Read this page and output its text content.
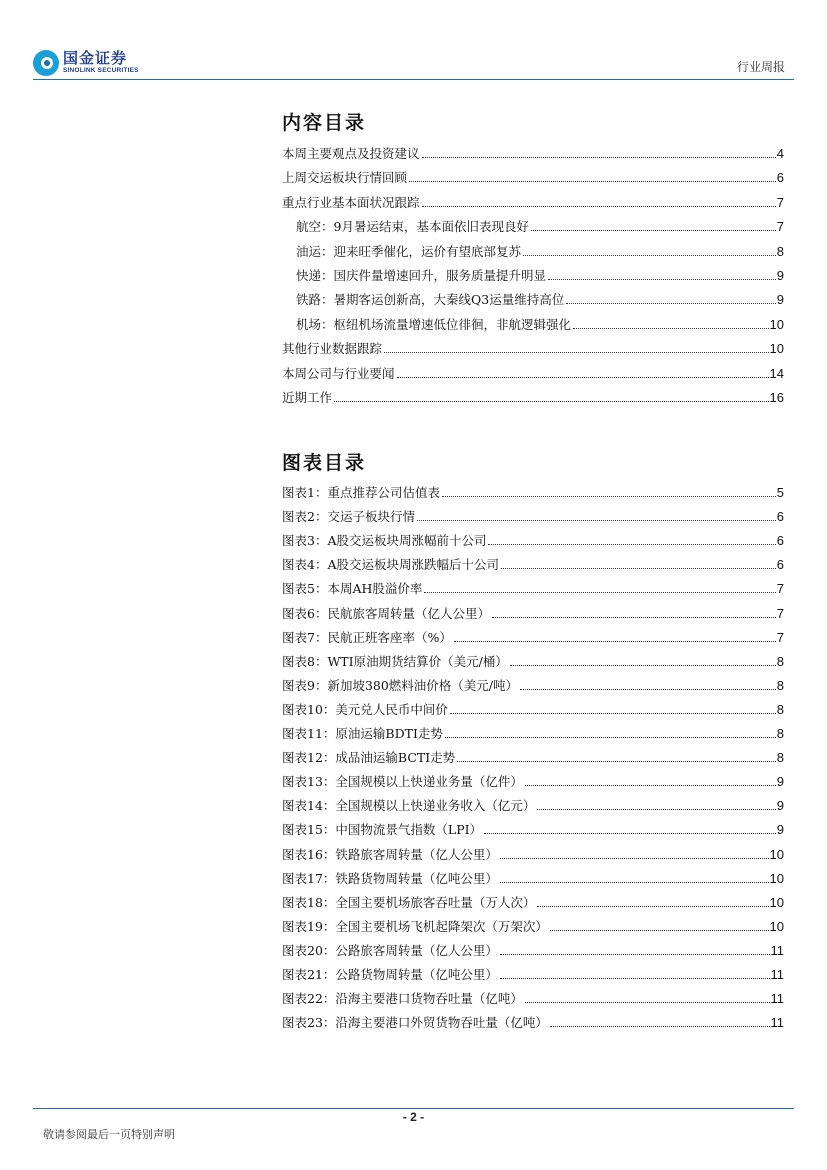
国金证券
SINOLINK SECURITIES	行业周报
内容目录
本周主要观点及投资建议	4
上周交运板块行情回顾	6
重点行业基本面状况跟踪	7
航空：9月暑运结束，基本面依旧表现良好	7
油运：迎来旺季催化，运价有望底部复苏	8
快递：国庆件量增速回升，服务质量提升明显	9
铁路：暑期客运创新高，大秦线Q3运量维持高位	9
机场：枢纽机场流量增速低位徘徊，非航逻辑强化	10
其他行业数据跟踪	10
本周公司与行业要闻	14
近期工作	16
图表目录
图表1：重点推荐公司估值表	5
图表2：交运子板块行情	6
图表3：A股交运板块周涨幅前十公司	6
图表4：A股交运板块周涨跌幅后十公司	6
图表5：本周AH股溢价率	7
图表6：民航旅客周转量（亿人公里）	7
图表7：民航正班客座率（%）	7
图表8：WTI原油期货结算价（美元/桶）	8
图表9：新加坡380燃料油价格（美元/吨）	8
图表10：美元兑人民币中间价	8
图表11：原油运输BDTI走势	8
图表12：成品油运输BCTI走势	8
图表13：全国规模以上快递业务量（亿件）	9
图表14：全国规模以上快递业务收入（亿元）	9
图表15：中国物流景气指数（LPI）	9
图表16：铁路旅客周转量（亿人公里）	10
图表17：铁路货物周转量（亿吨公里）	10
图表18：全国主要机场旅客吞吐量（万人次）	10
图表19：全国主要机场飞机起降架次（万架次）	10
图表20：公路旅客周转量（亿人公里）	11
图表21：公路货物周转量（亿吨公里）	11
图表22：沿海主要港口货物吞吐量（亿吨）	11
图表23：沿海主要港口外贸货物吞吐量（亿吨）	11
- 2 -
敬请参阅最后一页特别声明
